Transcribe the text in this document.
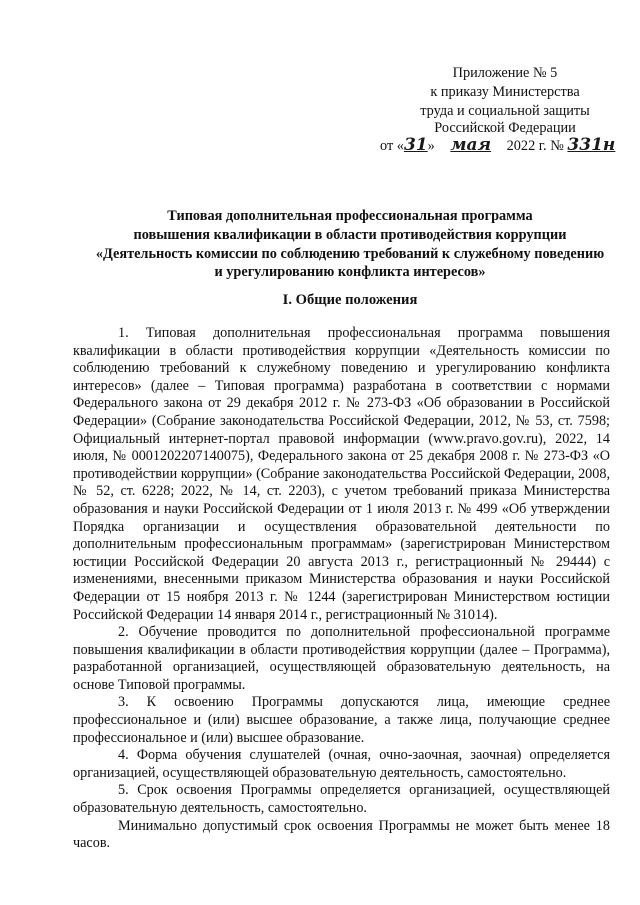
Приложение № 5
к приказу Министерства
труда и социальной защиты
Российской Федерации
от «31» мая 2022 г. № 331н
Типовая дополнительная профессиональная программа
повышения квалификации в области противодействия коррупции
«Деятельность комиссии по соблюдению требований к служебному поведению
и урегулированию конфликта интересов»
I. Общие положения

1. Типовая дополнительная профессиональная программа повышения квалификации в области противодействия коррупции «Деятельность комиссии по соблюдению требований к служебному поведению и урегулированию конфликта интересов» (далее – Типовая программа) разработана в соответствии с нормами Федерального закона от 29 декабря 2012 г. № 273-ФЗ «Об образовании в Российской Федерации» (Собрание законодательства Российской Федерации, 2012, № 53, ст. 7598; Официальный интернет-портал правовой информации (www.pravo.gov.ru), 2022, 14 июля, № 0001202207140075), Федерального закона от 25 декабря 2008 г. № 273-ФЗ «О противодействии коррупции» (Собрание законодательства Российской Федерации, 2008, № 52, ст. 6228; 2022, № 14, ст. 2203), с учетом требований приказа Министерства образования и науки Российской Федерации от 1 июля 2013 г. № 499 «Об утверждении Порядка организации и осуществления образовательной деятельности по дополнительным профессиональным программам» (зарегистрирован Министерством юстиции Российской Федерации 20 августа 2013 г., регистрационный № 29444) с изменениями, внесенными приказом Министерства образования и науки Российской Федерации от 15 ноября 2013 г. № 1244 (зарегистрирован Министерством юстиции Российской Федерации 14 января 2014 г., регистрационный № 31014).

2. Обучение проводится по дополнительной профессиональной программе повышения квалификации в области противодействия коррупции (далее – Программа), разработанной организацией, осуществляющей образовательную деятельность, на основе Типовой программы.

3. К освоению Программы допускаются лица, имеющие среднее профессиональное и (или) высшее образование, а также лица, получающие среднее профессиональное и (или) высшее образование.

4. Форма обучения слушателей (очная, очно-заочная, заочная) определяется организацией, осуществляющей образовательную деятельность, самостоятельно.

5. Срок освоения Программы определяется организацией, осуществляющей образовательную деятельность, самостоятельно.

Минимально допустимый срок освоения Программы не может быть менее 18 часов.
